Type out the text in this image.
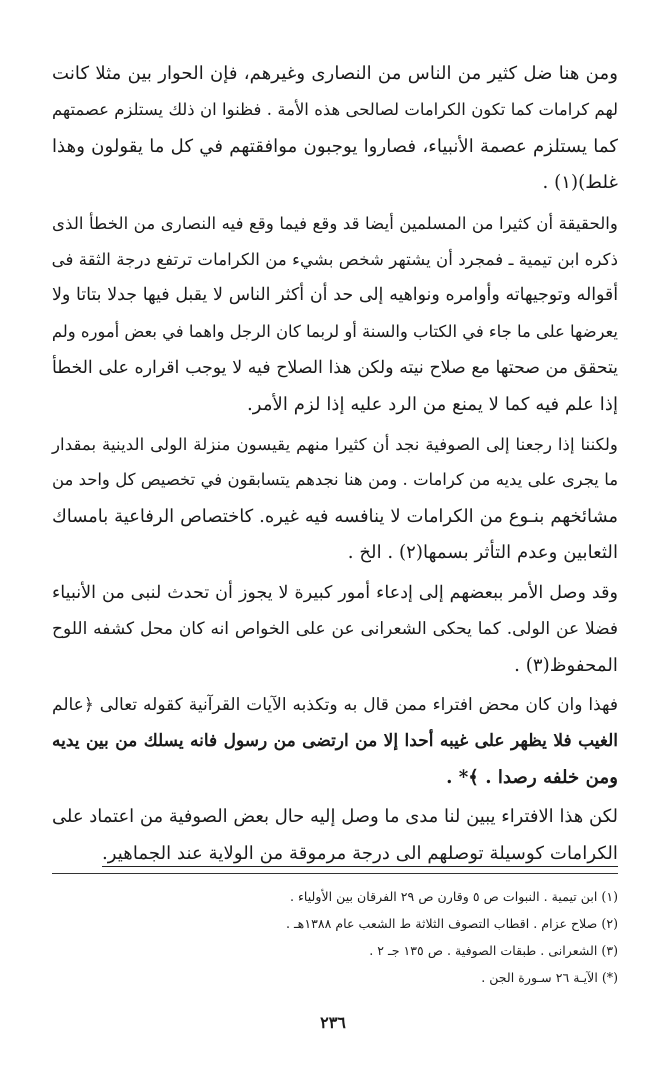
ومن هنا ضل كثير من الناس من النصارى وغيرهم، فإن الحوار بين مثلا كانت

لهم كرامات كما تكون الكرامات لصالحى هذه الأمة . فظنوا ان ذلك يستلزم عصمتهم

كما يستلزم عصمة الأنبياء، فصاروا يوجبون موافقتهم في كل ما يقولون وهذا

غلط)(١) .

والحقيقة أن كثيرا من المسلمين أيضا قد وقع فيما وقع فيه النصارى من الخطأ الذى

ذكره ابن تيمية ـ فمجرد أن يشتهر شخص بشيء من الكرامات ترتفع درجة الثقة فى

أقواله وتوجيهاته وأوامره ونواهيه إلى حد أن أكثر الناس لا يقبل فيها جدلا بتاتا ولا

يعرضها على ما جاء في الكتاب والسنة أو لربما كان الرجل واهما في بعض أموره ولم

يتحقق من صحتها مع صلاح نيته ولكن هذا الصلاح فيه لا يوجب اقراره على الخطأ

إذا علم فيه كما لا يمنع من الرد عليه إذا لزم الأمر.

ولكننا إذا رجعنا إلى الصوفية نجد أن كثيرا منهم يقيسون منزلة الولى الدينية بمقدار

ما يجرى على يديه من كرامات . ومن هنا نجدهم يتسابقون في تخصيص كل واحد من

مشائخهم بنـوع من الكرامات لا ينافسه فيه غيره. كاختصاص الرفاعية بامساك

الثعابين وعدم التأثر بسمها(٢) . الخ .

وقد وصل الأمر ببعضهم إلى إدعاء أمور كبيرة لا يجوز أن تحدث لنبى من الأنبياء

فضلا عن الولى. كما يحكى الشعرانى عن على الخواص انه كان محل كشفه اللوح

المحفوظ(٣) .

فهذا وان كان محض افتراء ممن قال به وتكذبه الآيات القرآنية كقوله تعالى ﴿عالم

الغيب فلا يظهر على غيبه أحدا إلا من ارتضى من رسول فانه يسلك من بين يديه

ومن خلفه رصدا . ﴾* .

لكن هذا الافتراء يبين لنا مدى ما وصل إليه حال بعض الصوفية من اعتماد على

الكرامات كوسيلة توصلهم الى درجة مرموقة من الولاية عند الجماهير.

(١) ابن تيمية . النبوات ص ٥ وقارن ص ٢٩ الفرقان بين الأولياء .

(٢) صلاح عزام . اقطاب التصوف الثلاثة ط الشعب عام ١٣٨٨هـ .

(٣) الشعرانى . طبقات الصوفية . ص ١٣٥ جـ ٢ .

(*) الآيـة ٢٦ سـورة الجن .

٢٣٦
